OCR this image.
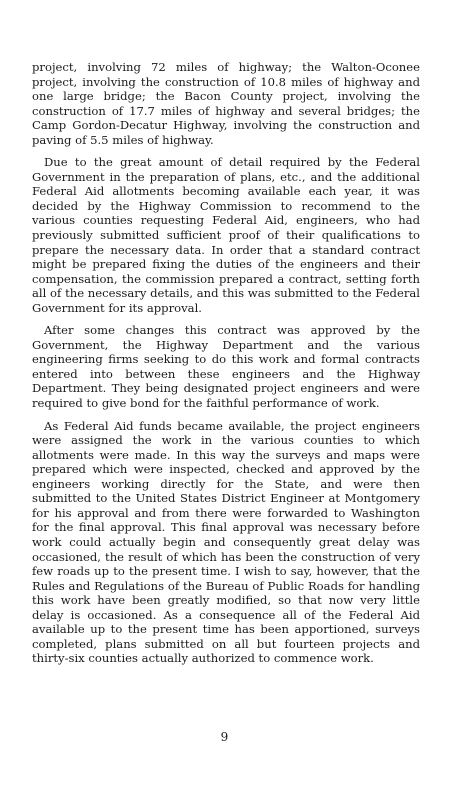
project, involving 72 miles of highway; the Walton-Oconee project, involving the construction of 10.8 miles of highway and one large bridge; the Bacon County project, involving the construction of 17.7 miles of highway and several bridges; the Camp Gordon-Decatur Highway, involving the construction and paving of 5.5 miles of highway.

Due to the great amount of detail required by the Federal Government in the preparation of plans, etc., and the additional Federal Aid allotments becoming available each year, it was decided by the Highway Commission to recommend to the various counties requesting Federal Aid, engineers, who had previously submitted sufficient proof of their qualifications to prepare the necessary data. In order that a standard contract might be prepared fixing the duties of the engineers and their compensation, the commission prepared a contract, setting forth all of the necessary details, and this was submitted to the Federal Government for its approval.

After some changes this contract was approved by the Government, the Highway Department and the various engineering firms seeking to do this work and formal contracts entered into between these engineers and the Highway Department. They being designated project engineers and were required to give bond for the faithful performance of work.

As Federal Aid funds became available, the project engineers were assigned the work in the various counties to which allotments were made. In this way the surveys and maps were prepared which were inspected, checked and approved by the engineers working directly for the State, and were then submitted to the United States District Engineer at Montgomery for his approval and from there were forwarded to Washington for the final approval. This final approval was necessary before work could actually begin and consequently great delay was occasioned, the result of which has been the construction of very few roads up to the present time. I wish to say, however, that the Rules and Regulations of the Bureau of Public Roads for handling this work have been greatly modified, so that now very little delay is occasioned. As a consequence all of the Federal Aid available up to the present time has been apportioned, surveys completed, plans submitted on all but fourteen projects and thirty-six counties actually authorized to commence work.

9
